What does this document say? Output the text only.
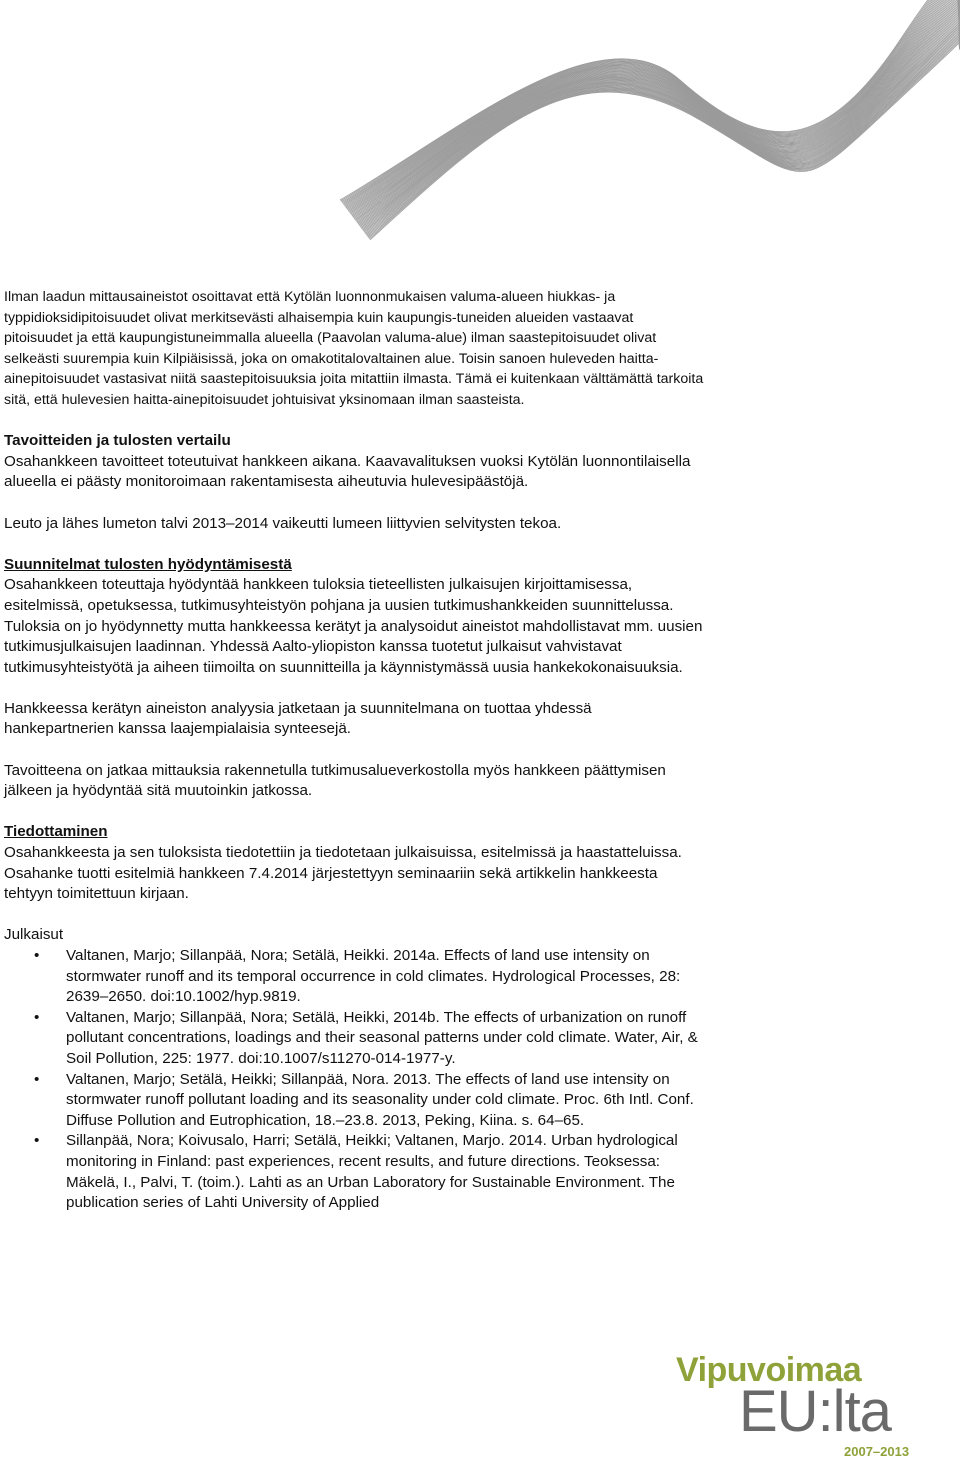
Ilman laadun mittausaineistot osoittavat että Kytölän luonnonmukaisen valuma-alueen hiukkas- ja typpidioksidipitoisuudet olivat merkitsevästi alhaisempia kuin kaupungis-tuneiden alueiden vastaavat pitoisuudet ja että kaupungistuneimmalla alueella (Paavolan valuma-alue) ilman saastepitoisuudet olivat selkeästi suurempia kuin Kilpiäisissä, joka on omakotitalovaltainen alue. Toisin sanoen huleveden haitta-ainepitoisuudet vastasivat niitä saastepitoisuuksia joita mitattiin ilmasta. Tämä ei kuitenkaan välttämättä tarkoita sitä, että hulevesien haitta-ainepitoisuudet johtuisivat yksinomaan ilman saasteista.

Tavoitteiden ja tulosten vertailu

Osahankkeen tavoitteet toteutuivat hankkeen aikana. Kaavavalituksen vuoksi Kytölän luonnontilaisella alueella ei päästy monitoroimaan rakentamisesta aiheutuvia hulevesipäästöjä.

Leuto ja lähes lumeton talvi 2013–2014 vaikeutti lumeen liittyvien selvitysten tekoa.

Suunnitelmat tulosten hyödyntämisestä

Osahankkeen toteuttaja hyödyntää hankkeen tuloksia tieteellisten julkaisujen kirjoittamisessa, esitelmissä, opetuksessa, tutkimusyhteistyön pohjana ja uusien tutkimushankkeiden suunnittelussa. Tuloksia on jo hyödynnetty mutta hankkeessa kerätyt ja analysoidut aineistot mahdollistavat mm. uusien tutkimusjulkaisujen laadinnan. Yhdessä Aalto-yliopiston kanssa tuotetut julkaisut vahvistavat tutkimusyhteistyötä ja aiheen tiimoilta on suunnitteilla ja käynnistymässä uusia hankekokonaisuuksia.

Hankkeessa kerätyn aineiston analyysia jatketaan ja suunnitelmana on tuottaa yhdessä hankepartnerien kanssa laajempialaisia synteesejä.

Tavoitteena on jatkaa mittauksia rakennetulla tutkimusalueverkostolla myös hankkeen päättymisen jälkeen ja hyödyntää sitä muutoinkin jatkossa.

Tiedottaminen

Osahankkeesta ja sen tuloksista tiedotettiin ja tiedotetaan julkaisuissa, esitelmissä ja haastatteluissa. Osahanke tuotti esitelmiä hankkeen 7.4.2014 järjestettyyn seminaariin sekä artikkelin hankkeesta tehtyyn toimitettuun kirjaan.

Julkaisut

• Valtanen, Marjo; Sillanpää, Nora; Setälä, Heikki. 2014a. Effects of land use intensity on stormwater runoff and its temporal occurrence in cold climates. Hydrological Processes, 28: 2639–2650. doi:10.1002/hyp.9819.
• Valtanen, Marjo; Sillanpää, Nora; Setälä, Heikki, 2014b. The effects of urbanization on runoff pollutant concentrations, loadings and their seasonal patterns under cold climate. Water, Air, & Soil Pollution, 225: 1977. doi:10.1007/s11270-014-1977-y.
• Valtanen, Marjo; Setälä, Heikki; Sillanpää, Nora. 2013. The effects of land use intensity on stormwater runoff pollutant loading and its seasonality under cold climate. Proc. 6th Intl. Conf. Diffuse Pollution and Eutrophication, 18.–23.8. 2013, Peking, Kiina. s. 64–65.
• Sillanpää, Nora; Koivusalo, Harri; Setälä, Heikki; Valtanen, Marjo. 2014. Urban hydrological monitoring in Finland: past experiences, recent results, and future directions. Teoksessa: Mäkelä, I., Palvi, T. (toim.). Lahti as an Urban Laboratory for Sustainable Environment. The publication series of Lahti University of Applied
Vipuvoimaa
EU:lta
2007–2013
